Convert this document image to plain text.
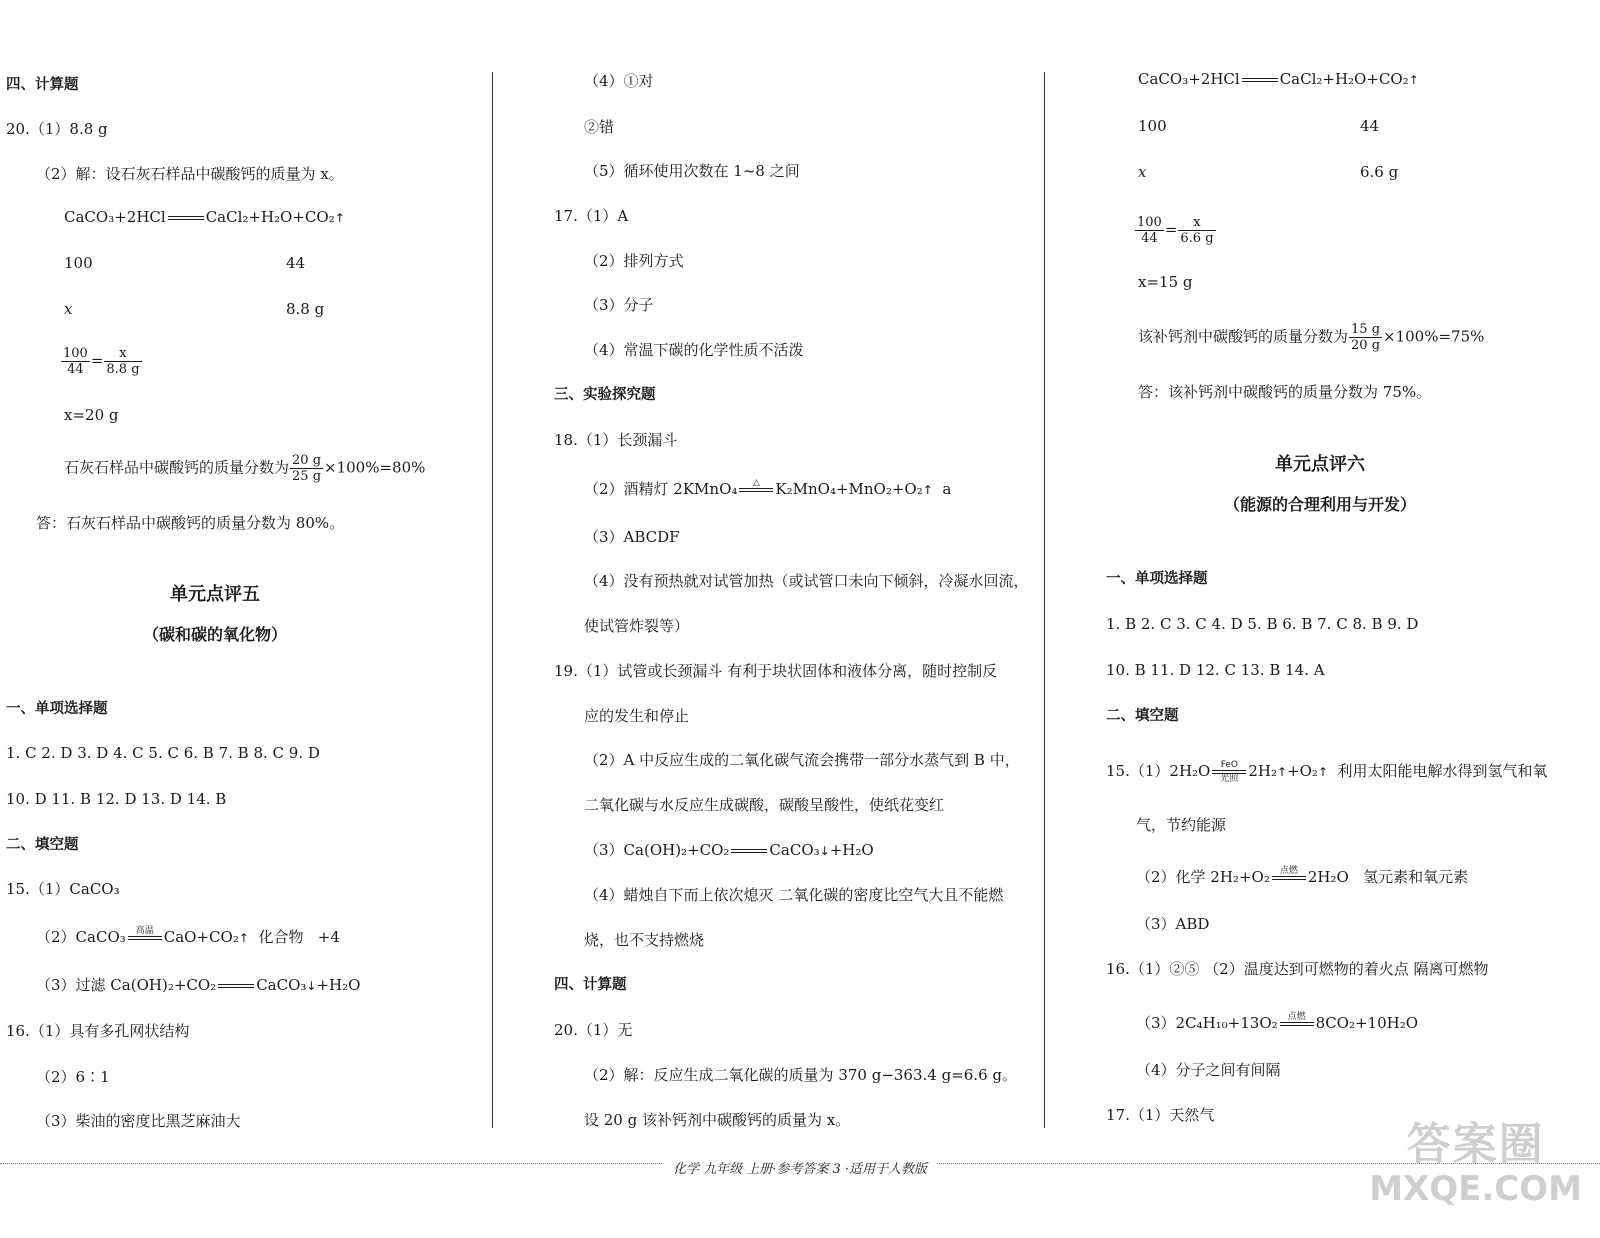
四、计算题
20.（1）8.8 g
（2）解：设石灰石样品中碳酸钙的质量为 x。
CaCO₃+2HCl	CaCl₂+H₂O+CO₂↑
100	44
x	8.8 g
$\frac{100}{44} = \frac{x}{8.8 g}$
x=20 g
石灰石样品中碳酸钙的质量分数为 $\frac{20 g}{25 g} \times 100\%=80\%$
答：石灰石样品中碳酸钙的质量分数为 80%。
单元点评五
（碳和碳的氧化物）
一、单项选择题
1. C 2. D 3. D 4. C 5. C 6. B 7. B 8. C 9. D
10. D 11. B 12. D 13. D 14. B
二、填空题
15.（1）CaCO₃
（2）CaCO₃	高温 CaO+CO₂↑  化合物   +4
（3）过滤 Ca(OH)₂+CO₂	CaCO₃↓+H₂O
16.（1）具有多孔网状结构
（2）6∶1
（3）柴油的密度比黑芝麻油大
（4）①对
②错
（5）循环使用次数在 1~8 之间
17.（1）A
（2）排列方式
（3）分子
（4）常温下碳的化学性质不活泼
三、实验探究题
18.（1）长颈漏斗
（2）酒精灯 2KMnO₄	△	K₂MnO₄+MnO₂+O₂↑  a
（3）ABCDF
（4）没有预热就对试管加热（或试管口未向下倾斜，冷凝水回流，
使试管炸裂等）
19.（1）试管或长颈漏斗 有利于块状固体和液体分离，随时控制反
应的发生和停止
（2）A 中反应生成的二氧化碳气流会携带一部分水蒸气到 B 中，
二氧化碳与水反应生成碳酸，碳酸呈酸性，使纸花变红
（3）Ca(OH)₂+CO₂	CaCO₃↓+H₂O
（4）蜡烛自下而上依次熄灭 二氧化碳的密度比空气大且不能燃
烧，也不支持燃烧
四、计算题
20.（1）无
（2）解：反应生成二氧化碳的质量为 370 g−363.4 g=6.6 g。
设 20 g 该补钙剂中碳酸钙的质量为 x。
CaCO₃+2HCl	CaCl₂+H₂O+CO₂↑
100	44
x	6.6 g
$\frac{100}{44} = \frac{x}{6.6 g}$
x=15 g
该补钙剂中碳酸钙的质量分数为 $\frac{15 g}{20 g} \times 100\%=75\%$
答：该补钙剂中碳酸钙的质量分数为 75%。
单元点评六
（能源的合理利用与开发）
一、单项选择题
1. B 2. C 3. C 4. D 5. B 6. B 7. C 8. B 9. D
10. B 11. D 12. C 13. B 14. A
二、填空题
15.（1）2H₂O	FeO
光照 2H₂↑+O₂↑  利用太阳能电解水得到氢气和氧
气，节约能源
（2）化学 2H₂+O₂	点燃 2H₂O   氢元素和氧元素
（3）ABD
16.（1）②⑤ （2）温度达到可燃物的着火点 隔离可燃物
（3）2C₄H₁₀+13O₂	点燃 8CO₂+10H₂O
（4）分子之间有间隔
17.（1）天然气
化学 九年级 上册·参考答案 3 ·适用于人教版	答案圈
MXQE.COM
